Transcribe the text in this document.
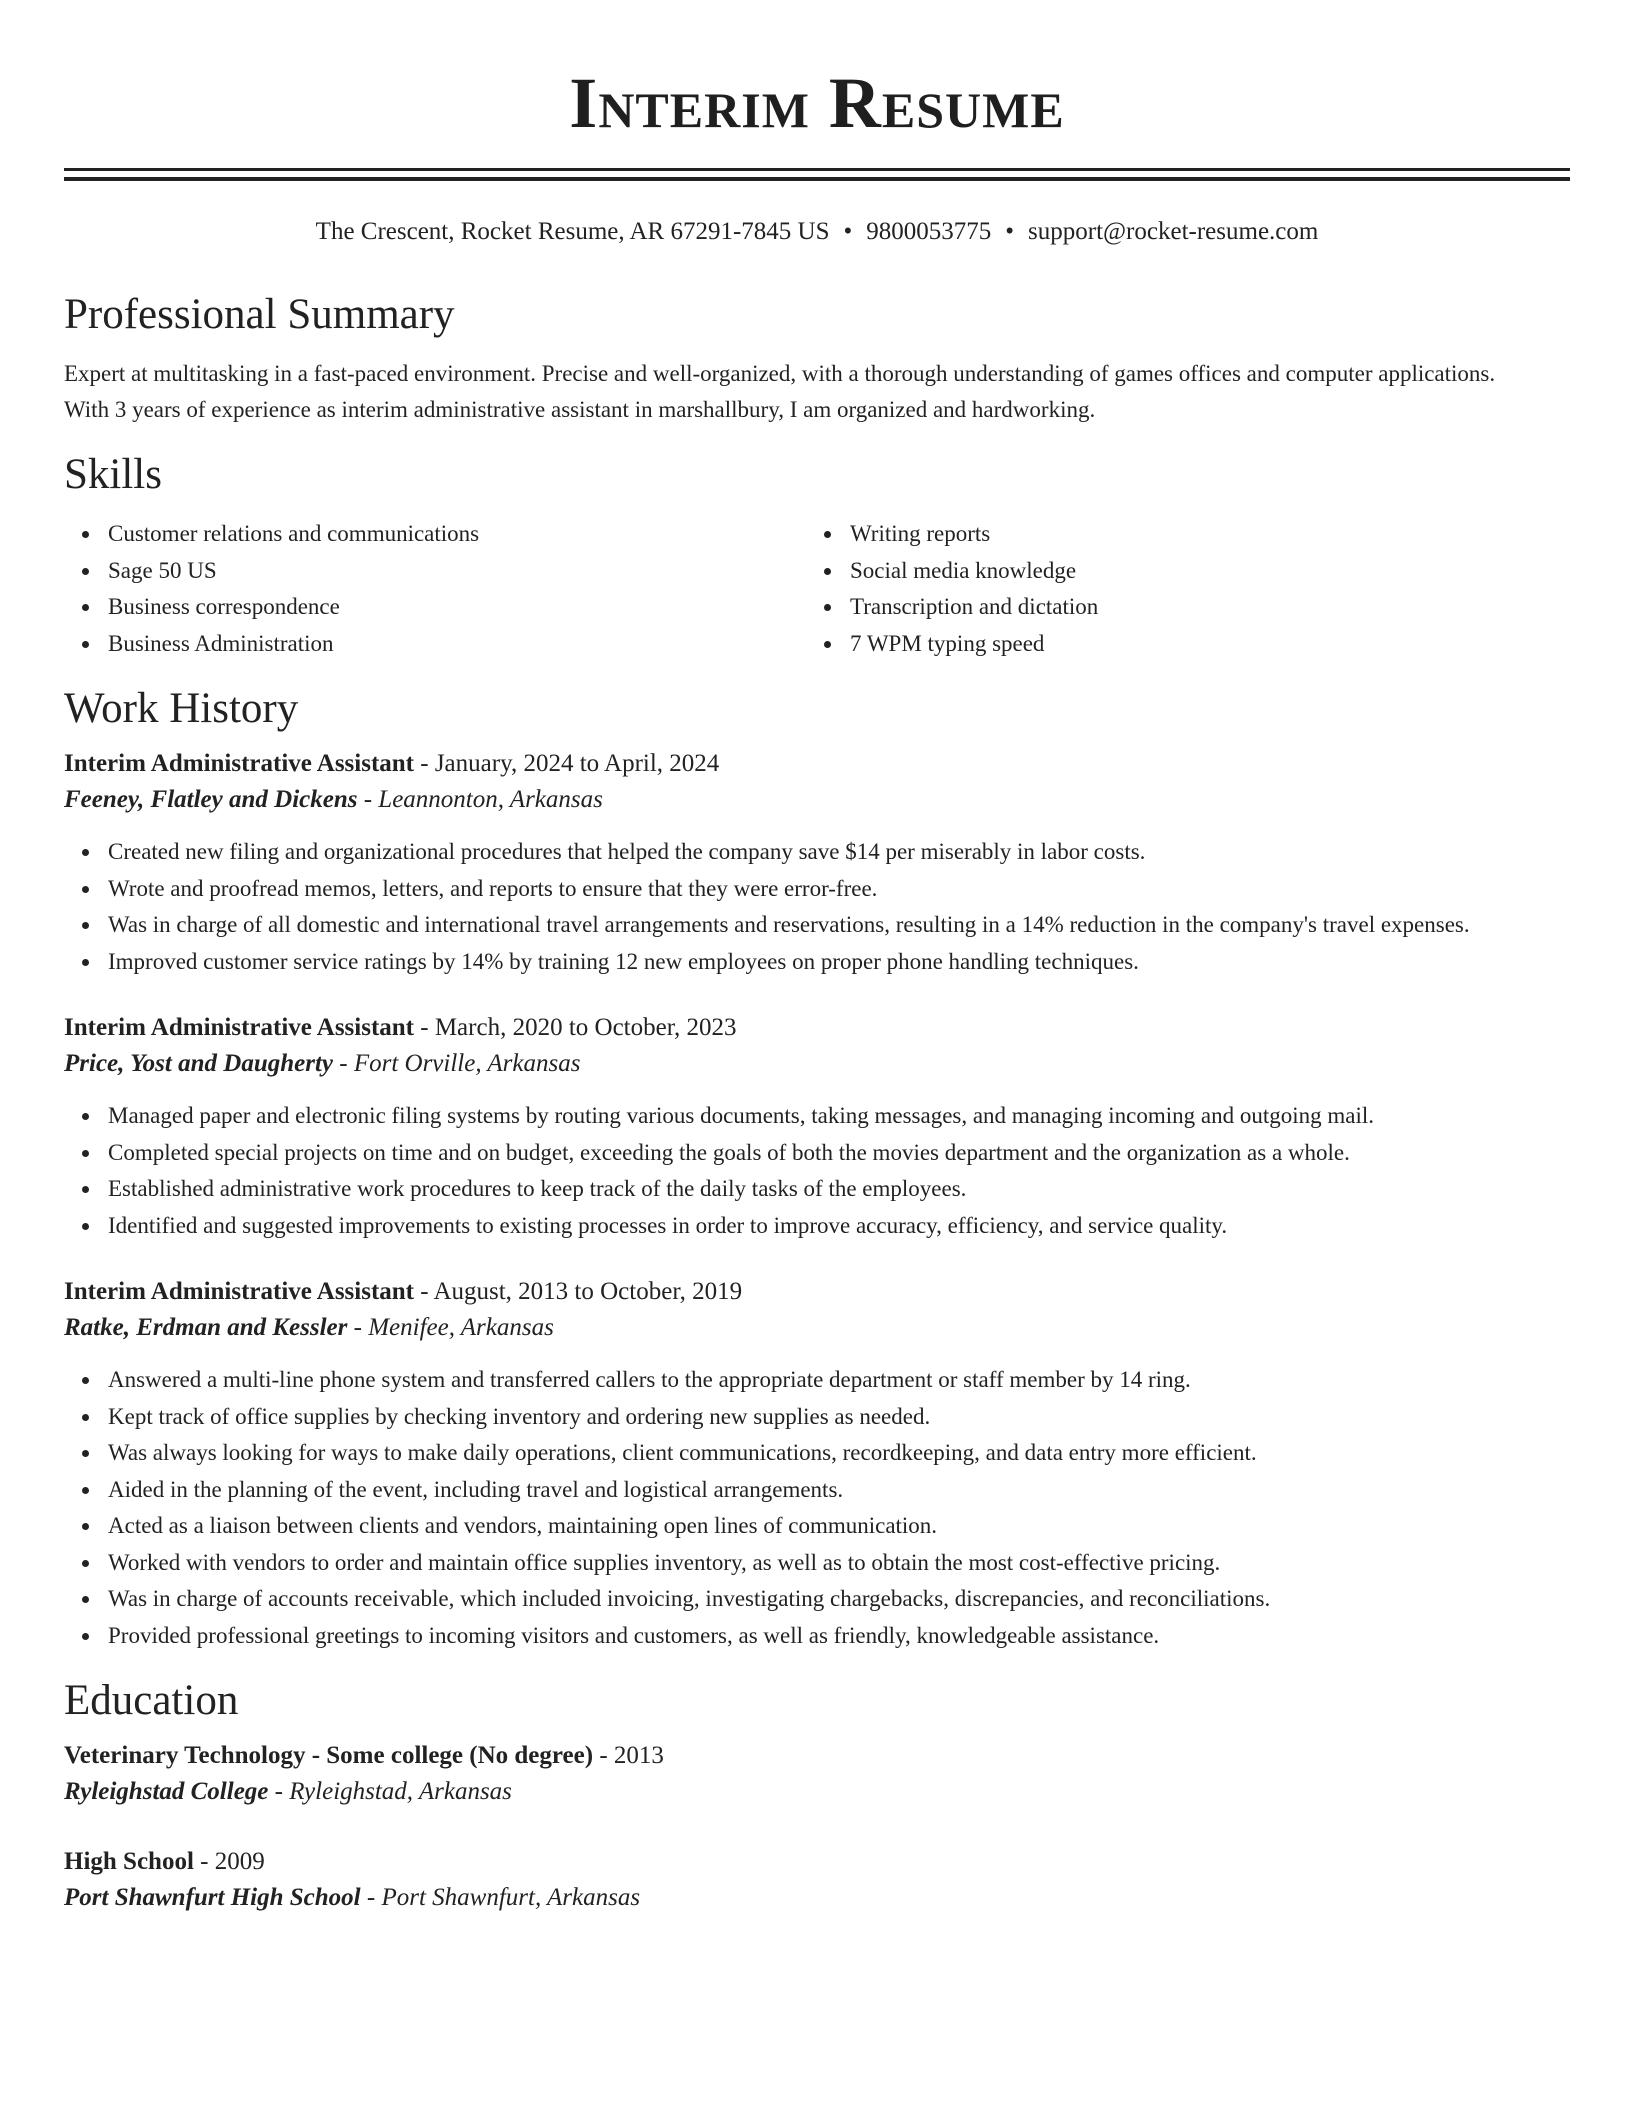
Interim Resume
The Crescent, Rocket Resume, AR 67291-7845 US • 9800053775 • support@rocket-resume.com
Professional Summary
Expert at multitasking in a fast-paced environment. Precise and well-organized, with a thorough understanding of games offices and computer applications. With 3 years of experience as interim administrative assistant in marshallbury, I am organized and hardworking.
Skills
Customer relations and communications
Sage 50 US
Business correspondence
Business Administration
Writing reports
Social media knowledge
Transcription and dictation
7 WPM typing speed
Work History
Interim Administrative Assistant - January, 2024 to April, 2024
Feeney, Flatley and Dickens - Leannonton, Arkansas
Created new filing and organizational procedures that helped the company save $14 per miserably in labor costs.
Wrote and proofread memos, letters, and reports to ensure that they were error-free.
Was in charge of all domestic and international travel arrangements and reservations, resulting in a 14% reduction in the company's travel expenses.
Improved customer service ratings by 14% by training 12 new employees on proper phone handling techniques.
Interim Administrative Assistant - March, 2020 to October, 2023
Price, Yost and Daugherty - Fort Orville, Arkansas
Managed paper and electronic filing systems by routing various documents, taking messages, and managing incoming and outgoing mail.
Completed special projects on time and on budget, exceeding the goals of both the movies department and the organization as a whole.
Established administrative work procedures to keep track of the daily tasks of the employees.
Identified and suggested improvements to existing processes in order to improve accuracy, efficiency, and service quality.
Interim Administrative Assistant - August, 2013 to October, 2019
Ratke, Erdman and Kessler - Menifee, Arkansas
Answered a multi-line phone system and transferred callers to the appropriate department or staff member by 14 ring.
Kept track of office supplies by checking inventory and ordering new supplies as needed.
Was always looking for ways to make daily operations, client communications, recordkeeping, and data entry more efficient.
Aided in the planning of the event, including travel and logistical arrangements.
Acted as a liaison between clients and vendors, maintaining open lines of communication.
Worked with vendors to order and maintain office supplies inventory, as well as to obtain the most cost-effective pricing.
Was in charge of accounts receivable, which included invoicing, investigating chargebacks, discrepancies, and reconciliations.
Provided professional greetings to incoming visitors and customers, as well as friendly, knowledgeable assistance.
Education
Veterinary Technology - Some college (No degree) - 2013
Ryleighstad College - Ryleighstad, Arkansas
High School - 2009
Port Shawnfurt High School - Port Shawnfurt, Arkansas
